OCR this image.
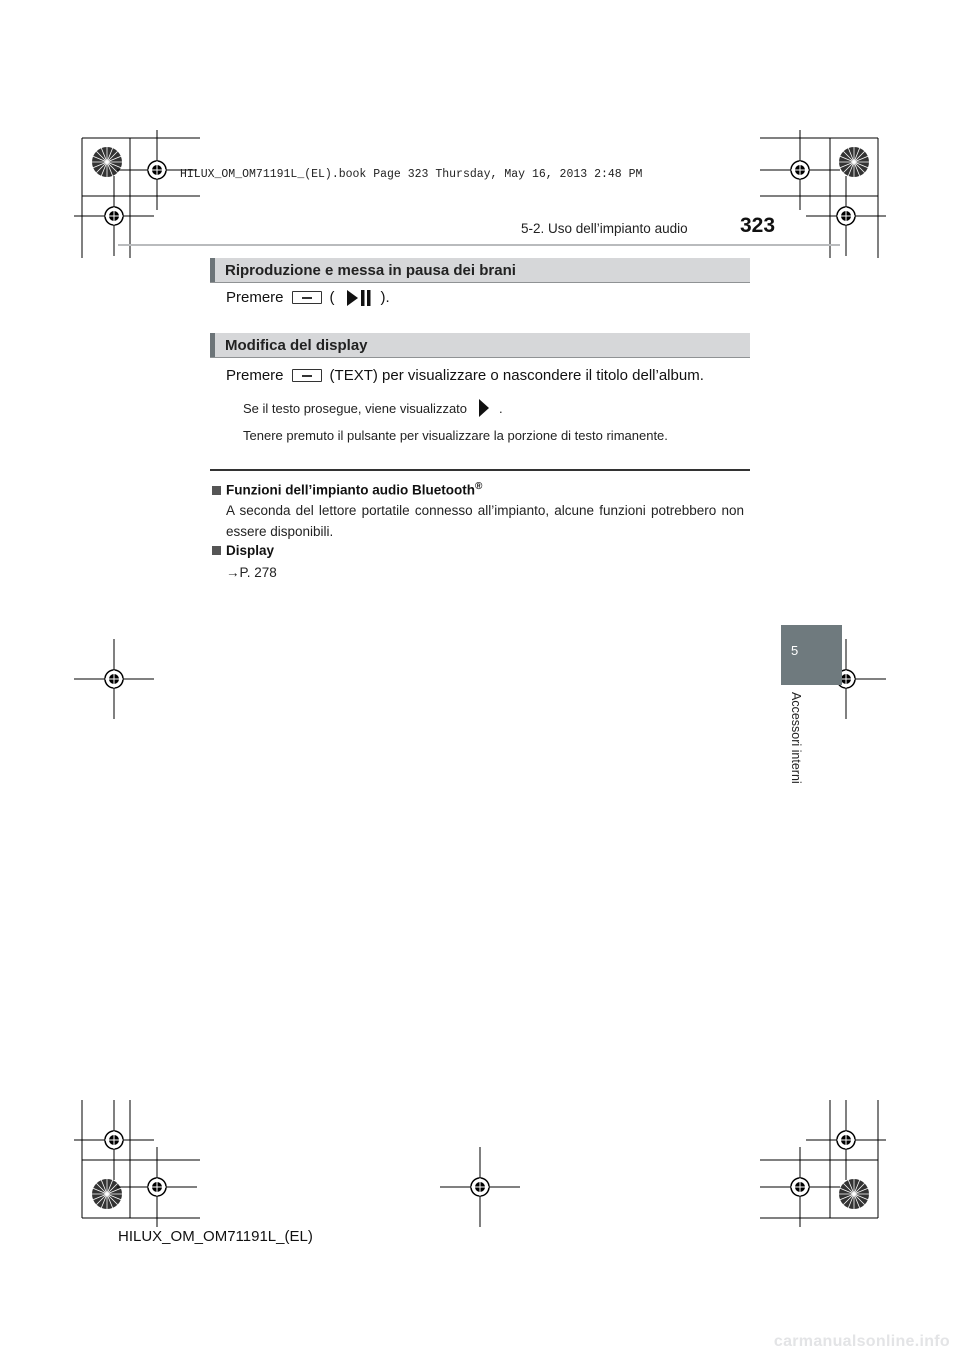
HILUX_OM_OM71191L_(EL).book Page 323 Thursday, May 16, 2013 2:48 PM
5-2. Uso dell’impianto audio 323
Riproduzione e messa in pausa dei brani
Premere	(	).
Modifica del display
Premere	(TEXT) per visualizzare o nascondere il titolo dell’album.
Se il testo prosegue, viene visualizzato .
Tenere premuto il pulsante per visualizzare la porzione di testo rimanente.
Funzioni dell’impianto audio Bluetooth®
A seconda del lettore portatile connesso all’impianto, alcune funzioni potrebbero non essere disponibili.
Display
→P. 278
5
Accessori interni
HILUX_OM_OM71191L_(EL)
carmanualsonline.info
